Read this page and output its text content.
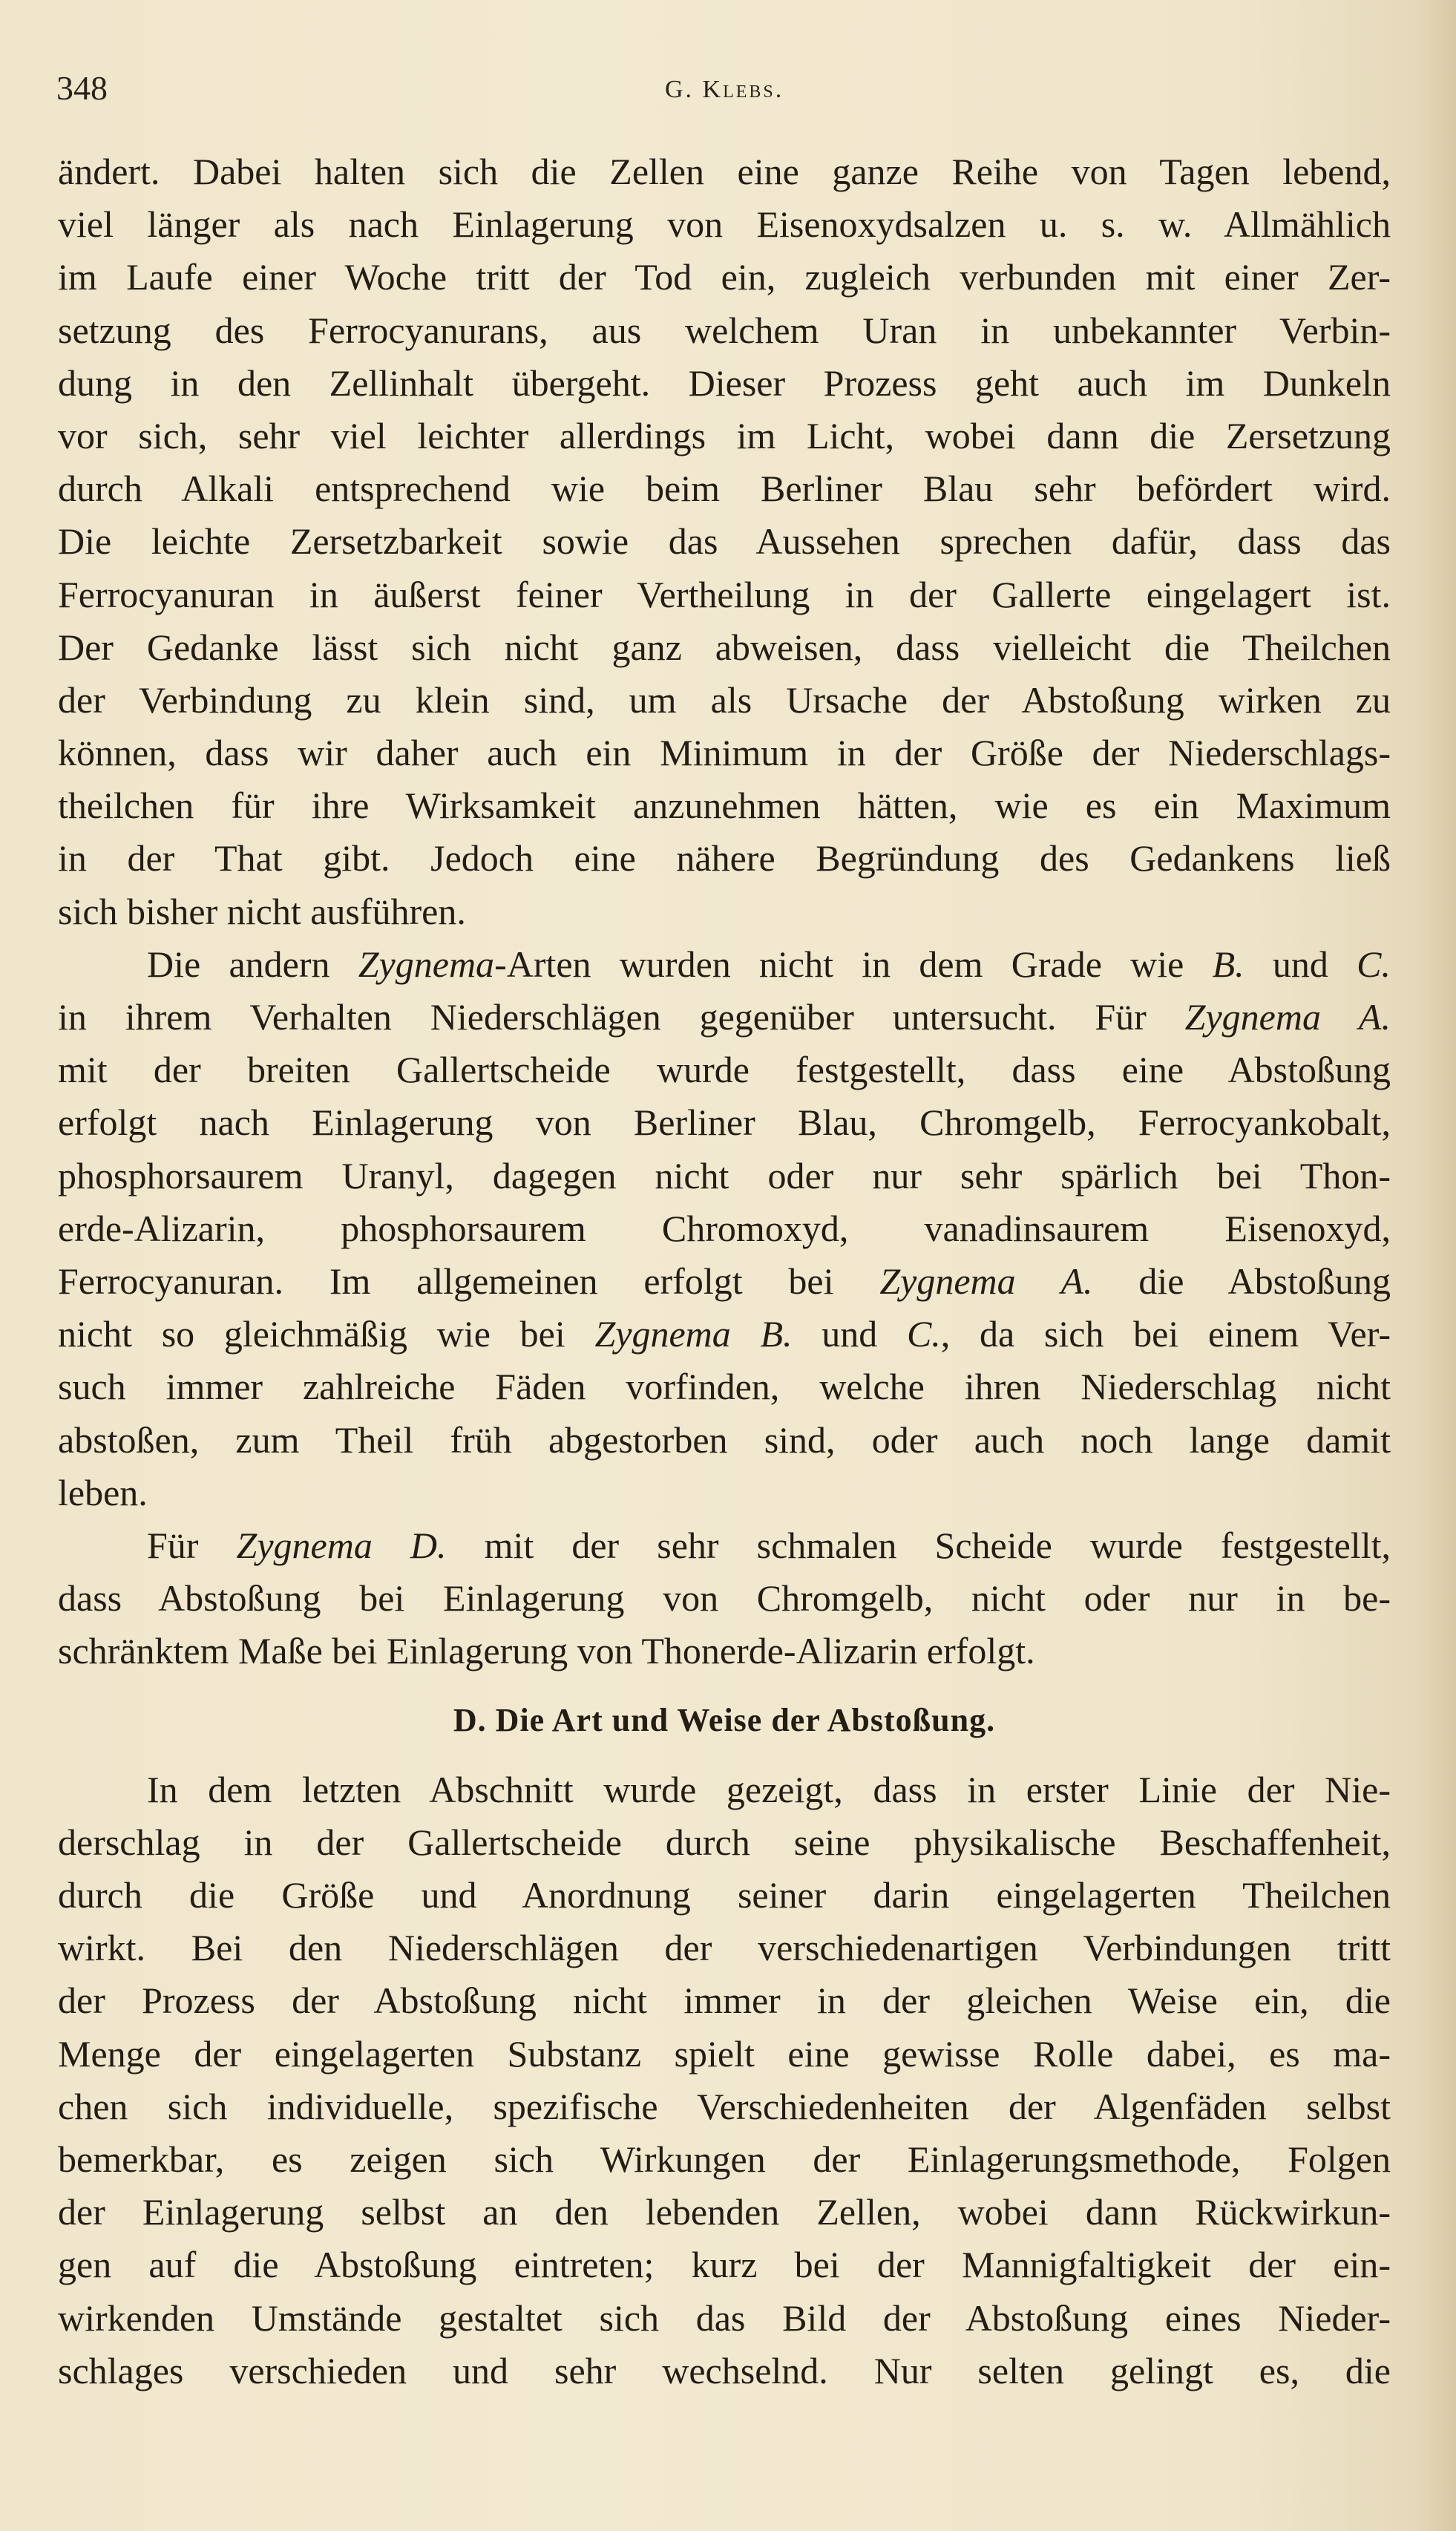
348	G. Klebs.
ändert. Dabei halten sich die Zellen eine ganze Reihe von Tagen lebend,
viel länger als nach Einlagerung von Eisenoxydsalzen u. s. w. Allmählich
im Laufe einer Woche tritt der Tod ein, zugleich verbunden mit einer Zer-
setzung des Ferrocyanurans, aus welchem Uran in unbekannter Verbin-
dung in den Zellinhalt übergeht. Dieser Prozess geht auch im Dunkeln
vor sich, sehr viel leichter allerdings im Licht, wobei dann die Zersetzung
durch Alkali entsprechend wie beim Berliner Blau sehr befördert wird.
Die leichte Zersetzbarkeit sowie das Aussehen sprechen dafür, dass das
Ferrocyanuran in äußerst feiner Vertheilung in der Gallerte eingelagert ist.
Der Gedanke lässt sich nicht ganz abweisen, dass vielleicht die Theilchen
der Verbindung zu klein sind, um als Ursache der Abstoßung wirken zu
können, dass wir daher auch ein Minimum in der Größe der Niederschlags-
theilchen für ihre Wirksamkeit anzunehmen hätten, wie es ein Maximum
in der That gibt. Jedoch eine nähere Begründung des Gedankens ließ
sich bisher nicht ausführen.
Die andern Zygnema-Arten wurden nicht in dem Grade wie B. und C.
in ihrem Verhalten Niederschlägen gegenüber untersucht. Für Zygnema A.
mit der breiten Gallertscheide wurde festgestellt, dass eine Abstoßung
erfolgt nach Einlagerung von Berliner Blau, Chromgelb, Ferrocyankobalt,
phosphorsaurem Uranyl, dagegen nicht oder nur sehr spärlich bei Thon-
erde-Alizarin, phosphorsaurem Chromoxyd, vanadinsaurem Eisenoxyd,
Ferrocyanuran. Im allgemeinen erfolgt bei Zygnema A. die Abstoßung
nicht so gleichmäßig wie bei Zygnema B. und C., da sich bei einem Ver-
such immer zahlreiche Fäden vorfinden, welche ihren Niederschlag nicht
abstoßen, zum Theil früh abgestorben sind, oder auch noch lange damit
leben.
Für Zygnema D. mit der sehr schmalen Scheide wurde festgestellt,
dass Abstoßung bei Einlagerung von Chromgelb, nicht oder nur in be-
schränktem Maße bei Einlagerung von Thonerde-Alizarin erfolgt.
D. Die Art und Weise der Abstoßung.
In dem letzten Abschnitt wurde gezeigt, dass in erster Linie der Nie-
derschlag in der Gallertscheide durch seine physikalische Beschaffenheit,
durch die Größe und Anordnung seiner darin eingelagerten Theilchen
wirkt. Bei den Niederschlägen der verschiedenartigen Verbindungen tritt
der Prozess der Abstoßung nicht immer in der gleichen Weise ein, die
Menge der eingelagerten Substanz spielt eine gewisse Rolle dabei, es ma-
chen sich individuelle, spezifische Verschiedenheiten der Algenfäden selbst
bemerkbar, es zeigen sich Wirkungen der Einlagerungsmethode, Folgen
der Einlagerung selbst an den lebenden Zellen, wobei dann Rückwirkun-
gen auf die Abstoßung eintreten; kurz bei der Mannigfaltigkeit der ein-
wirkenden Umstände gestaltet sich das Bild der Abstoßung eines Nieder-
schlages verschieden und sehr wechselnd. Nur selten gelingt es, die
